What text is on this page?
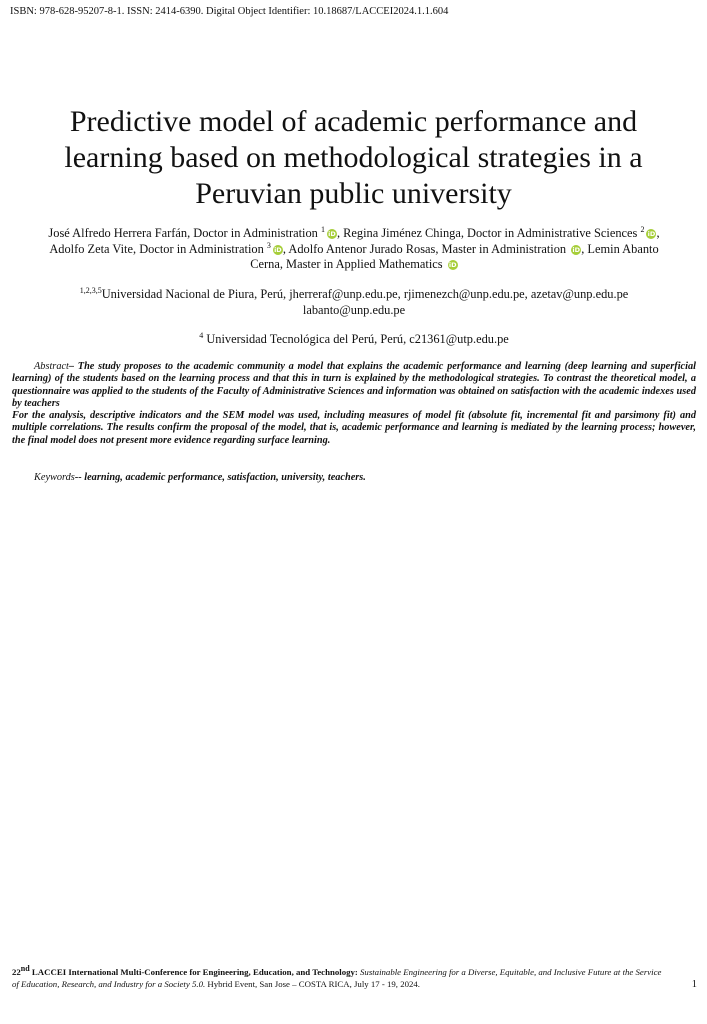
ISBN: 978-628-95207-8-1. ISSN: 2414-6390. Digital Object Identifier: 10.18687/LACCEI2024.1.1.604
Predictive model of academic performance and
learning based on methodological strategies in a
Peruvian public university
José Alfredo Herrera Farfán, Doctor in Administration $^1$iD, Regina Jiménez Chinga, Doctor in Administrative Sciences $^2$iD,
Adolfo Zeta Vite, Doctor in Administration $^3$iD, Adolfo Antenor Jurado Rosas, Master in Administration iD, Lemin Abanto
Cerna, Master in Applied Mathematics iD
$^{1,2,3,5}$Universidad Nacional de Piura, Perú, jherreraf@unp.edu.pe, rjimenezch@unp.edu.pe, azetav@unp.edu.pe
labanto@unp.edu.pe
$^4$ Universidad Tecnológica del Perú, Perú, c21361@utp.edu.pe

Abstract– The study proposes to the academic community a model that explains the academic performance and learning (deep learning and superficial learning) of the students based on the learning process and that this in turn is explained by the methodological strategies. To contrast the theoretical model, a questionnaire was applied to the students of the Faculty of Administrative Sciences and information was obtained on satisfaction with the academic indexes used by teachers

For the analysis, descriptive indicators and the SEM model was used, including measures of model fit (absolute fit, incremental fit and parsimony fit) and multiple correlations. The results confirm the proposal of the model, that is, academic performance and learning is mediated by the learning process; however, the final model does not present more evidence regarding surface learning.

Keywords-- learning, academic performance, satisfaction, university, teachers.
22nd LACCEI International Multi-Conference for Engineering, Education, and Technology: Sustainable Engineering for a Diverse, Equitable, and Inclusive Future at the Service
of Education, Research, and Industry for a Society 5.0. Hybrid Event, San Jose – COSTA RICA, July 17 - 19, 2024.	1
